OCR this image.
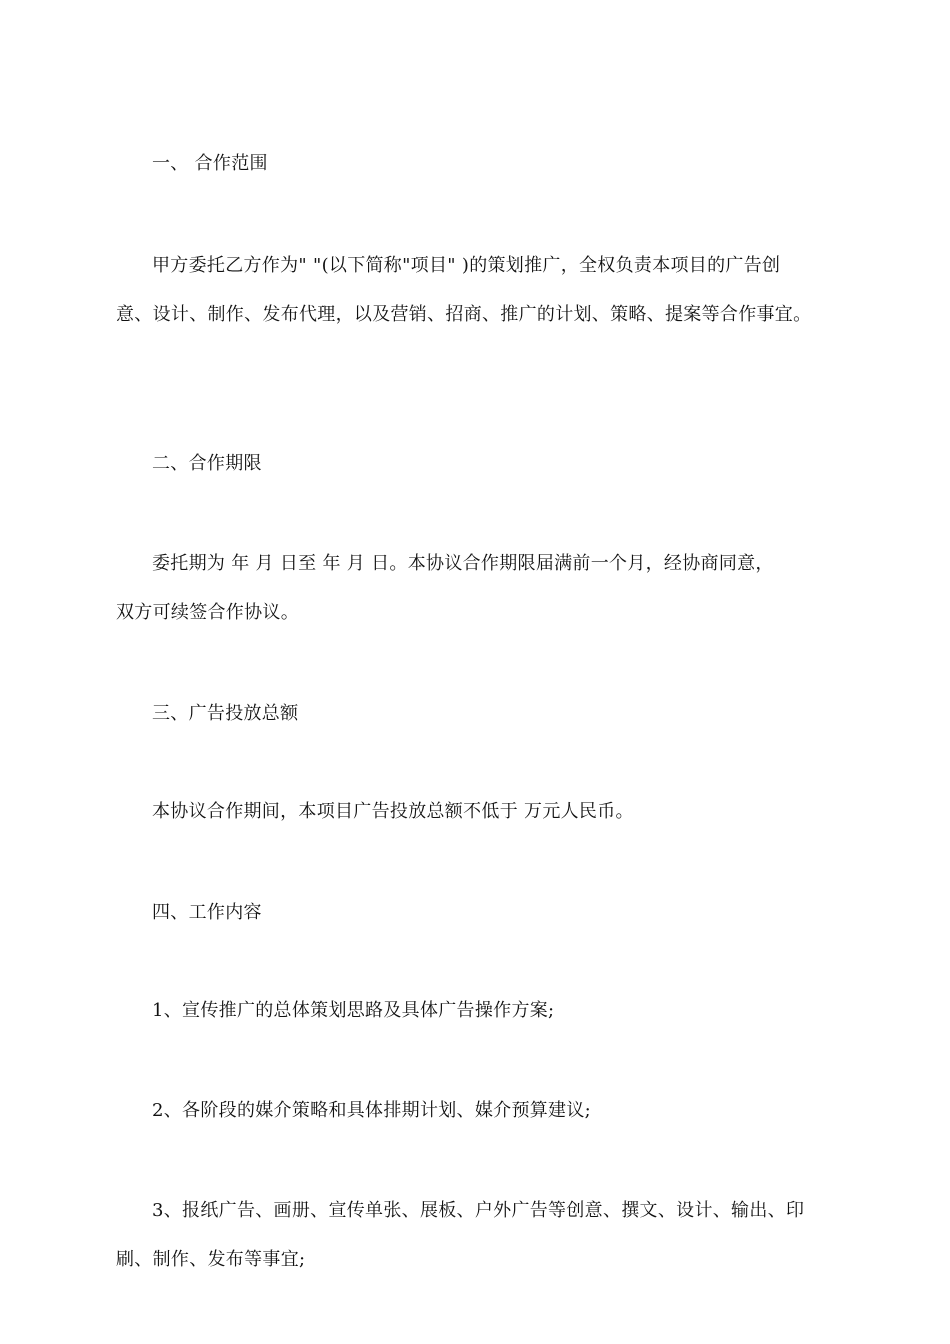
一、 合作范围
甲方委托乙方作为" "(以下简称"项目" )的策划推广，全权负责本项目的广告创
意、设计、制作、发布代理，以及营销、招商、推广的计划、策略、提案等合作事宜。
二、合作期限
委托期为 年 月 日至 年 月 日。本协议合作期限届满前一个月，经协商同意，
双方可续签合作协议。
三、广告投放总额
本协议合作期间，本项目广告投放总额不低于 万元人民币。
四、工作内容
1、宣传推广的总体策划思路及具体广告操作方案;
2、各阶段的媒介策略和具体排期计划、媒介预算建议;
3、报纸广告、画册、宣传单张、展板、户外广告等创意、撰文、设计、输出、印
刷、制作、发布等事宜;
